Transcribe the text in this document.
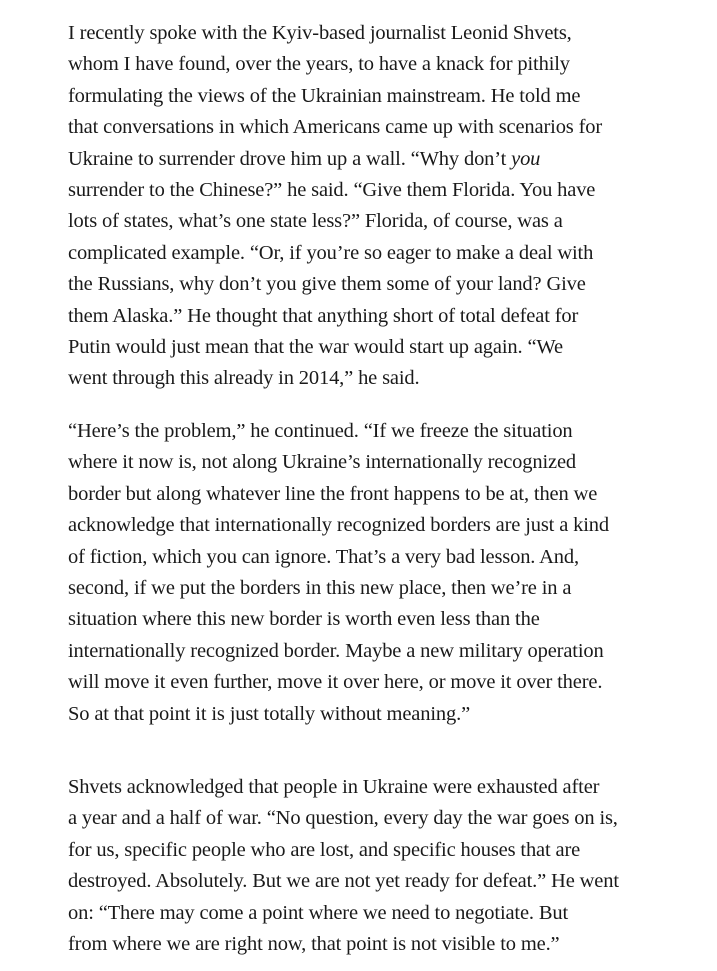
I recently spoke with the Kyiv-based journalist Leonid Shvets,
whom I have found, over the years, to have a knack for pithily
formulating the views of the Ukrainian mainstream. He told me
that conversations in which Americans came up with scenarios for
Ukraine to surrender drove him up a wall. “Why don’t you
surrender to the Chinese?” he said. “Give them Florida. You have
lots of states, what’s one state less?” Florida, of course, was a
complicated example. “Or, if you’re so eager to make a deal with
the Russians, why don’t you give them some of your land? Give
them Alaska.” He thought that anything short of total defeat for
Putin would just mean that the war would start up again. “We
went through this already in 2014,” he said.

“Here’s the problem,” he continued. “If we freeze the situation
where it now is, not along Ukraine’s internationally recognized
border but along whatever line the front happens to be at, then we
acknowledge that internationally recognized borders are just a kind
of fiction, which you can ignore. That’s a very bad lesson. And,
second, if we put the borders in this new place, then we’re in a
situation where this new border is worth even less than the
internationally recognized border. Maybe a new military operation
will move it even further, move it over here, or move it over there.
So at that point it is just totally without meaning.”

Shvets acknowledged that people in Ukraine were exhausted after
a year and a half of war. “No question, every day the war goes on is,
for us, specific people who are lost, and specific houses that are
destroyed. Absolutely. But we are not yet ready for defeat.” He went
on: “There may come a point where we need to negotiate. But
from where we are right now, that point is not visible to me.”
